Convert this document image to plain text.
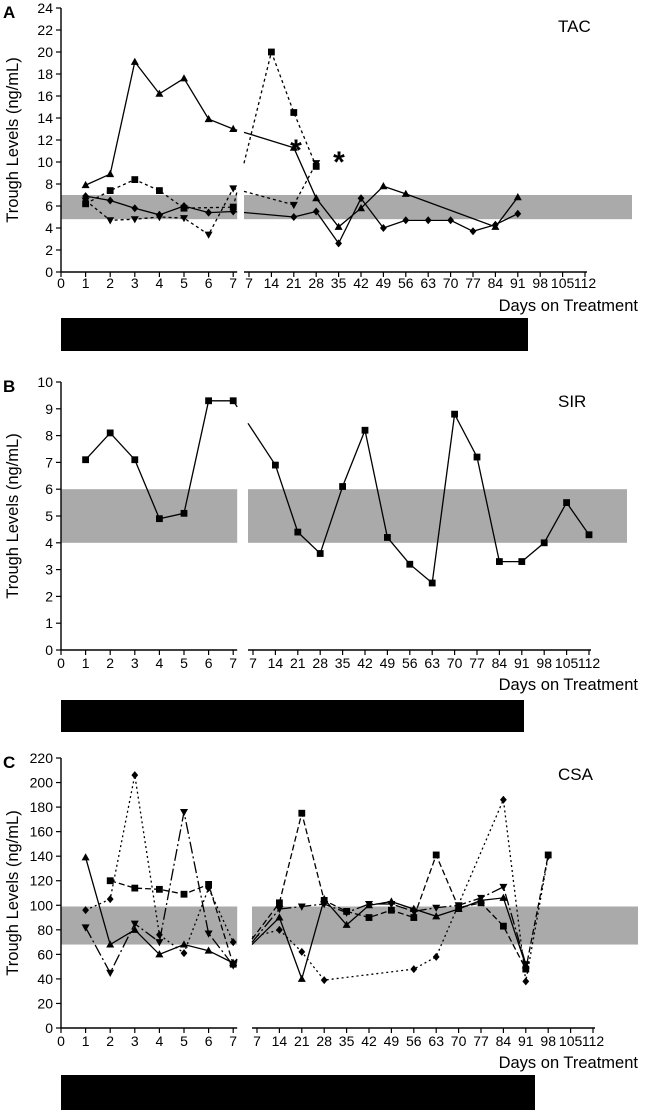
0
2
4
6
8
10
12
14
16
18
20
22
24
0 1 2 3 4 5 6 7 7 14 21 28 35 42 49 56 63 70 77 84 91 98 105 112
Days on Treatment
Trough Levels (ng/mL)
A
TAC
* *
TVR
0
1
2
3
4
5
6
7
8
9
10
0 1 2 3 4 5 6 7 7 14 21 28 35 42 49 56 63 70 77 84 91 98 105 112
Days on Treatment
Trough Levels (ng/mL)
B
SIR
TVR
0
20
40
60
80
100
120
140
160
180
200
220
0 1 2 3 4 5 6 7 7 14 21 28 35 42 49 56 63 70 77 84 91 98 105 112
Days on Treatment
Trough Levels (ng/mL)
C
CSA
TVR
